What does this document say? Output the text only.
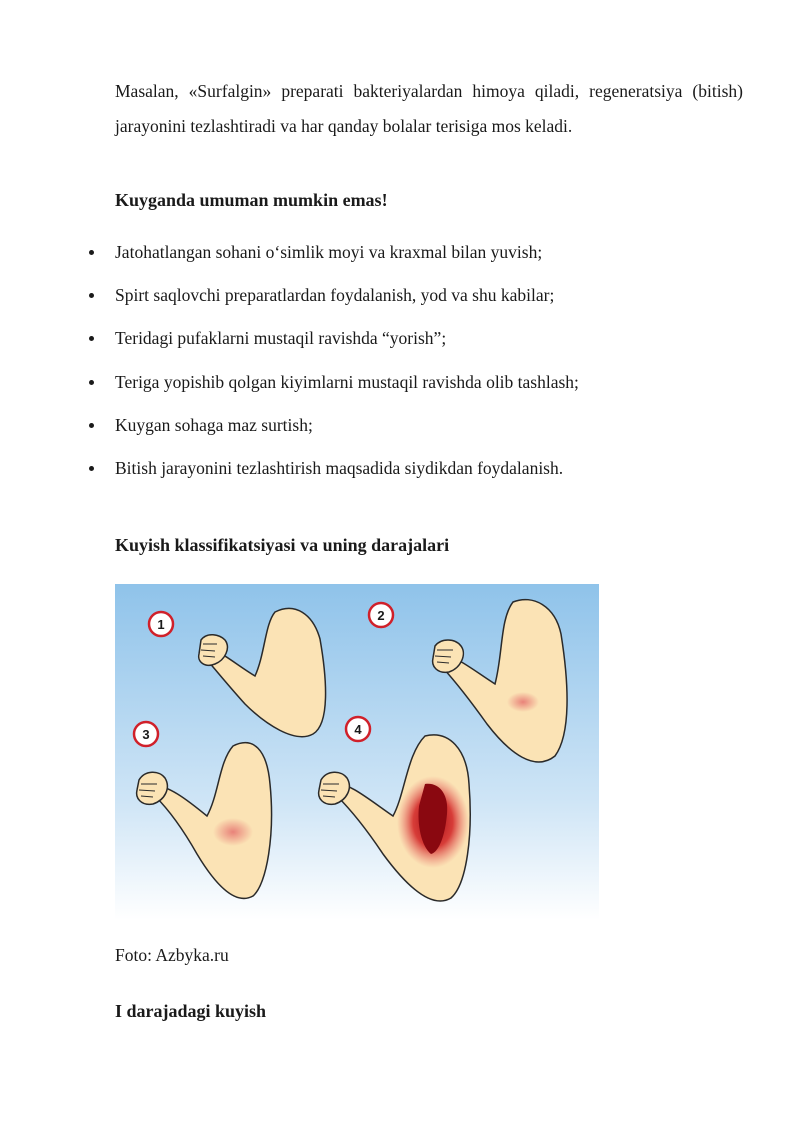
Masalan, «Surfalgin» preparati bakteriyalardan himoya qiladi, regeneratsiya (bitish) jarayonini tezlashtiradi va har qanday bolalar terisiga mos keladi.

Kuyganda umuman mumkin emas!
Jatohatlangan sohani o‘simlik moyi va kraxmal bilan yuvish;
Spirt saqlovchi preparatlardan foydalanish, yod va shu kabilar;
Teridagi pufaklarni mustaqil ravishda “yorish”;
Teriga yopishib qolgan kiyimlarni mustaqil ravishda olib tashlash;
Kuygan sohaga maz surtish;
Bitish jarayonini tezlashtirish maqsadida siydikdan foydalanish.
Kuyish klassifikatsiyasi va uning darajalari
1
2
3	4
Foto: Azbyka.ru
I darajadagi kuyish
